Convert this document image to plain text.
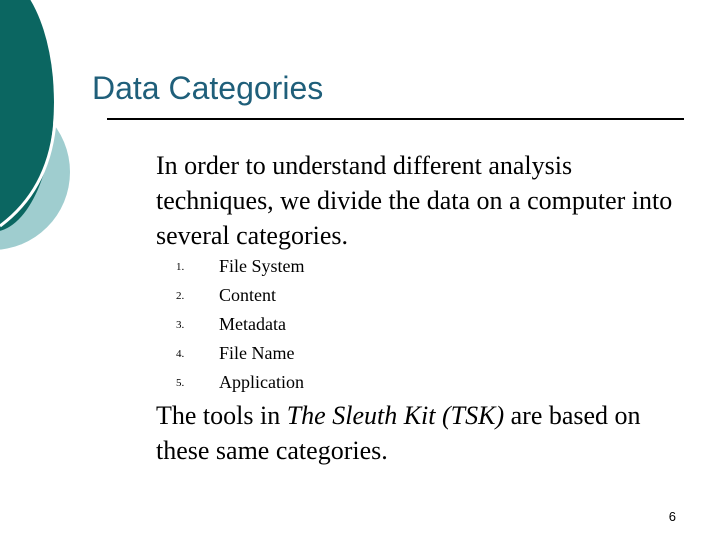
Data Categories

In order to understand different analysis techniques, we divide the data on a computer into several categories.

1. File System
2. Content
3. Metadata
4. File Name
5. Application

The tools in The Sleuth Kit (TSK) are based on these same categories.

6
